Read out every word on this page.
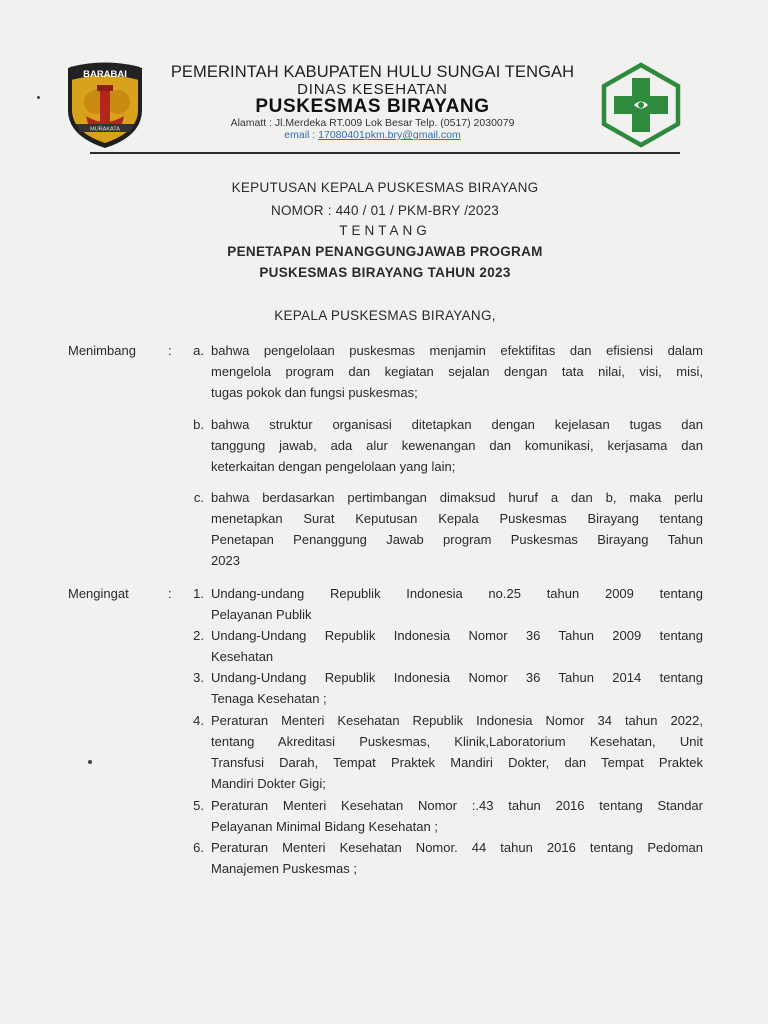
BARABAI
MURAKATA
PEMERINTAH KABUPATEN HULU SUNGAI TENGAH
DINAS KESEHATAN
PUSKESMAS BIRAYANG
Alamatt : Jl.Merdeka RT.009 Lok Besar Telp. (0517) 2030079
email : 17080401pkm.bry@gmail.com
KEPUTUSAN KEPALA PUSKESMAS BIRAYANG
NOMOR : 440 / 01 / PKM-BRY /2023
TENTANG
PENETAPAN PENANGGUNGJAWAB PROGRAM
PUSKESMAS BIRAYANG TAHUN 2023
KEPALA PUSKESMAS BIRAYANG,
Menimbang :	a. bahwa pengelolaan puskesmas menjamin efektifitas dan efisiensi dalam
mengelola program dan kegiatan sejalan dengan tata nilai, visi, misi,
tugas pokok dan fungsi puskesmas;
b. bahwa struktur organisasi ditetapkan dengan kejelasan tugas dan
tanggung jawab, ada alur kewenangan dan komunikasi, kerjasama dan
keterkaitan dengan pengelolaan yang lain;
c. bahwa berdasarkan pertimbangan dimaksud huruf a dan b, maka perlu
menetapkan Surat Keputusan Kepala Puskesmas Birayang tentang
Penetapan Penanggung Jawab program Puskesmas Birayang Tahun
2023
Mengingat	:	1. Undang-undang Republik Indonesia no.25 tahun 2009 tentang
Pelayanan Publik
2. Undang-Undang Republik Indonesia Nomor 36 Tahun 2009 tentang
Kesehatan
3. Undang-Undang Republik Indonesia Nomor 36 Tahun 2014 tentang
Tenaga Kesehatan ;
4. Peraturan Menteri Kesehatan Republik Indonesia Nomor 34 tahun 2022,
tentang Akreditasi Puskesmas, Klinik,Laboratorium Kesehatan, Unit
Transfusi Darah, Tempat Praktek Mandiri Dokter, dan Tempat Praktek
Mandiri Dokter Gigi;
5. Peraturan Menteri Kesehatan Nomor :.43 tahun 2016 tentang Standar
Pelayanan Minimal Bidang Kesehatan ;
6. Peraturan Menteri Kesehatan Nomor. 44 tahun 2016 tentang Pedoman
Manajemen Puskesmas ;
